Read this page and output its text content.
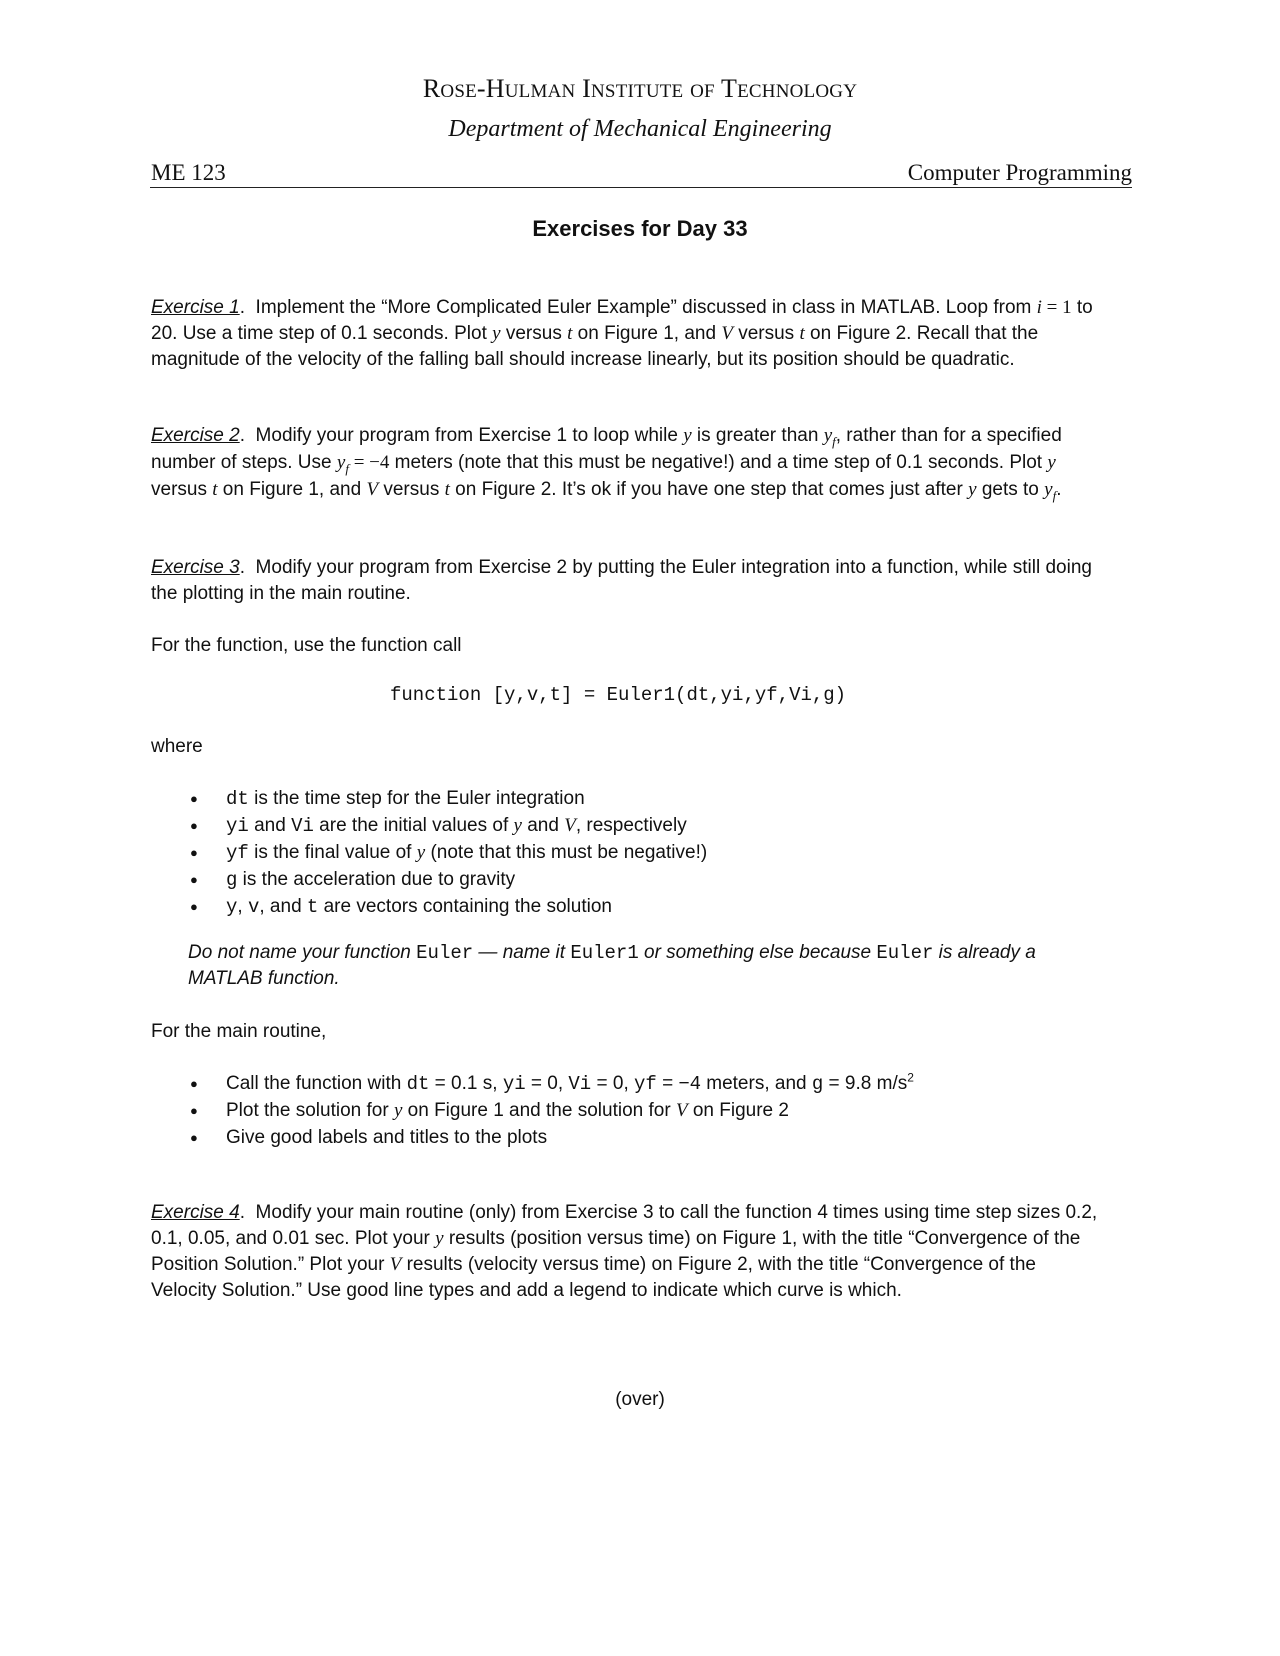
ROSE-HULMAN INSTITUTE OF TECHNOLOGY
Department of Mechanical Engineering
ME 123	Computer Programming
Exercises for Day 33
Exercise 1.  Implement the “More Complicated Euler Example” discussed in class in MATLAB. Loop from i = 1 to
20. Use a time step of 0.1 seconds. Plot y versus t on Figure 1, and V versus t on Figure 2. Recall that the
magnitude of the velocity of the falling ball should increase linearly, but its position should be quadratic.
Exercise 2.  Modify your program from Exercise 1 to loop while y is greater than $y_f$, rather than for a specified
number of steps. Use $y_f = -4$ meters (note that this must be negative!) and a time step of 0.1 seconds. Plot y
versus t on Figure 1, and V versus t on Figure 2. It’s ok if you have one step that comes just after y gets to $y_f$.
Exercise 3.  Modify your program from Exercise 2 by putting the Euler integration into a function, while still doing
the plotting in the main routine.
For the function, use the function call
function [y,v,t] = Euler1(dt,yi,yf,Vi,g)
where
● dt is the time step for the Euler integration
● yi and Vi are the initial values of y and V, respectively
● yf is the final value of y (note that this must be negative!)
● g is the acceleration due to gravity
● y, v, and t are vectors containing the solution
Do not name your function Euler — name it Euler1 or something else because Euler is already a
MATLAB function.
For the main routine,
● Call the function with dt = 0.1 s, yi = 0, Vi = 0, yf = −4 meters, and g = 9.8 $m/s^2$
● Plot the solution for y on Figure 1 and the solution for V on Figure 2
● Give good labels and titles to the plots
Exercise 4.  Modify your main routine (only) from Exercise 3 to call the function 4 times using time step sizes 0.2,
0.1, 0.05, and 0.01 sec. Plot your y results (position versus time) on Figure 1, with the title “Convergence of the
Position Solution.” Plot your V results (velocity versus time) on Figure 2, with the title “Convergence of the
Velocity Solution.” Use good line types and add a legend to indicate which curve is which.
(over)
